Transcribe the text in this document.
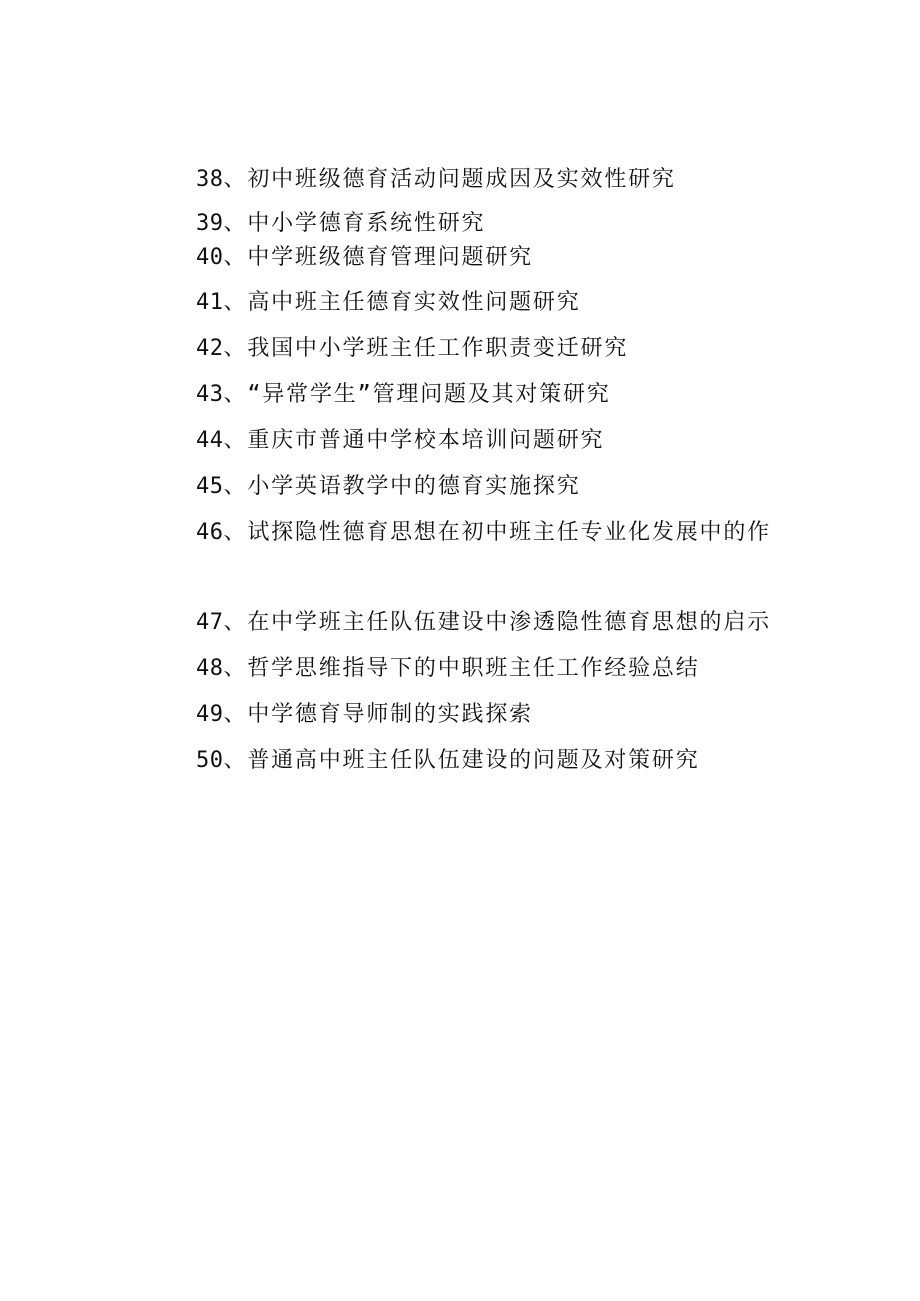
38、初中班级德育活动问题成因及实效性研究
39、中小学德育系统性研究
40、中学班级德育管理问题研究
41、高中班主任德育实效性问题研究
42、我国中小学班主任工作职责变迁研究
43、“异常学生”管理问题及其对策研究
44、重庆市普通中学校本培训问题研究
45、小学英语教学中的德育实施探究
46、试探隐性德育思想在初中班主任专业化发展中的作
47、在中学班主任队伍建设中渗透隐性德育思想的启示
48、哲学思维指导下的中职班主任工作经验总结
49、中学德育导师制的实践探索
50、普通高中班主任队伍建设的问题及对策研究
